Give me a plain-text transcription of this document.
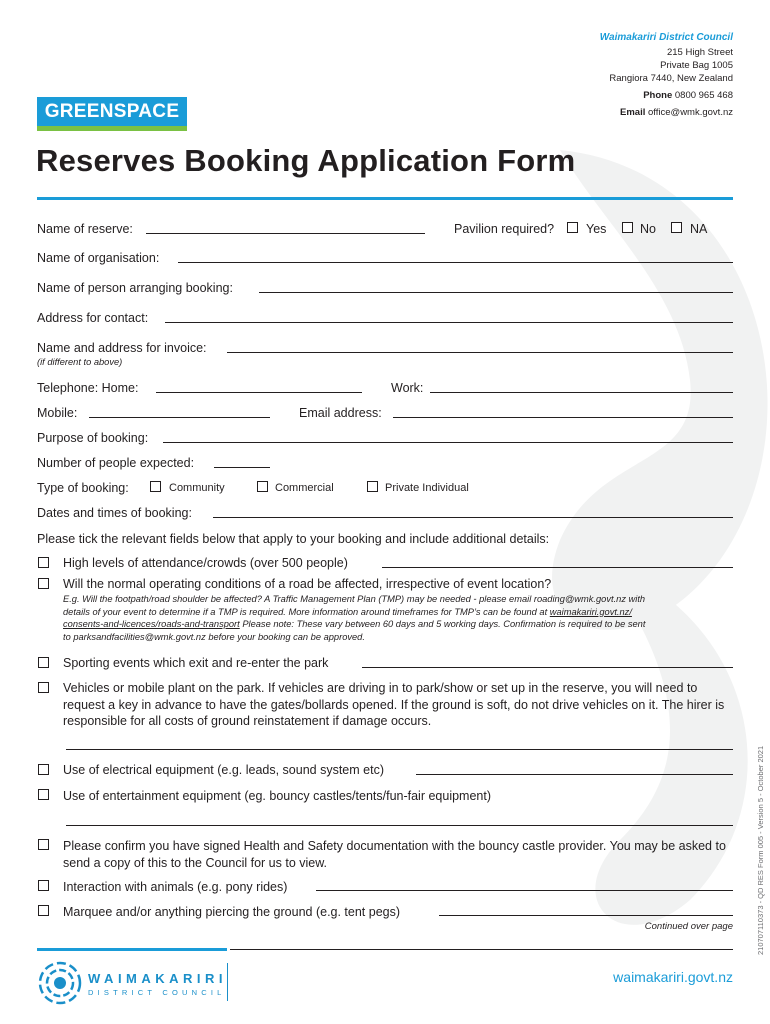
Waimakariri District Council
215 High Street
Private Bag 1005
Rangiora 7440, New Zealand
Phone 0800 965 468
Email office@wmk.govt.nz
GREENSPACE
Reserves Booking Application Form
Name of reserve:	Pavilion required?	Yes	No	NA
Name of organisation:
Name of person arranging booking:
Address for contact:
Name and address for invoice:
(if different to above)
Telephone: Home:	Work:
Mobile:	Email address:
Purpose of booking:
Number of people expected:
Type of booking:	Community	Commercial	Private Individual
Dates and times of booking:
Please tick the relevant fields below that apply to your booking and include additional details:
High levels of attendance/crowds (over 500 people)
Will the normal operating conditions of a road be affected, irrespective of event location?
E.g. Will the footpath/road shoulder be affected? A Traffic Management Plan (TMP) may be needed - please email roading@wmk.govt.nz with
details of your event to determine if a TMP is required. More information around timeframes for TMP’s can be found at waimakariri.govt.nz/
consents-and-licences/roads-and-transport Please note: These vary between 60 days and 5 working days. Confirmation is required to be sent
to parksandfacilities@wmk.govt.nz before your booking can be approved.
Sporting events which exit and re-enter the park
Vehicles or mobile plant on the park. If vehicles are driving in to park/show or set up in the reserve, you will need to request a key in advance to have the gates/bollards opened. If the ground is soft, do not drive vehicles on it. The hirer is responsible for all costs of ground reinstatement if damage occurs.
Use of electrical equipment (e.g. leads, sound system etc)
Use of entertainment equipment (eg. bouncy castles/tents/fun-fair equipment)
Please confirm you have signed Health and Safety documentation with the bouncy castle provider. You may be asked to send a copy of this to the Council for us to view.
Interaction with animals (e.g. pony rides)
Marquee and/or anything piercing the ground (e.g. tent pegs)
Continued over page	210707110373 - QD RES Form 005 - Version 5 - October 2021
WAIMAKARIRI
DISTRICT COUNCIL
waimakariri.govt.nz
